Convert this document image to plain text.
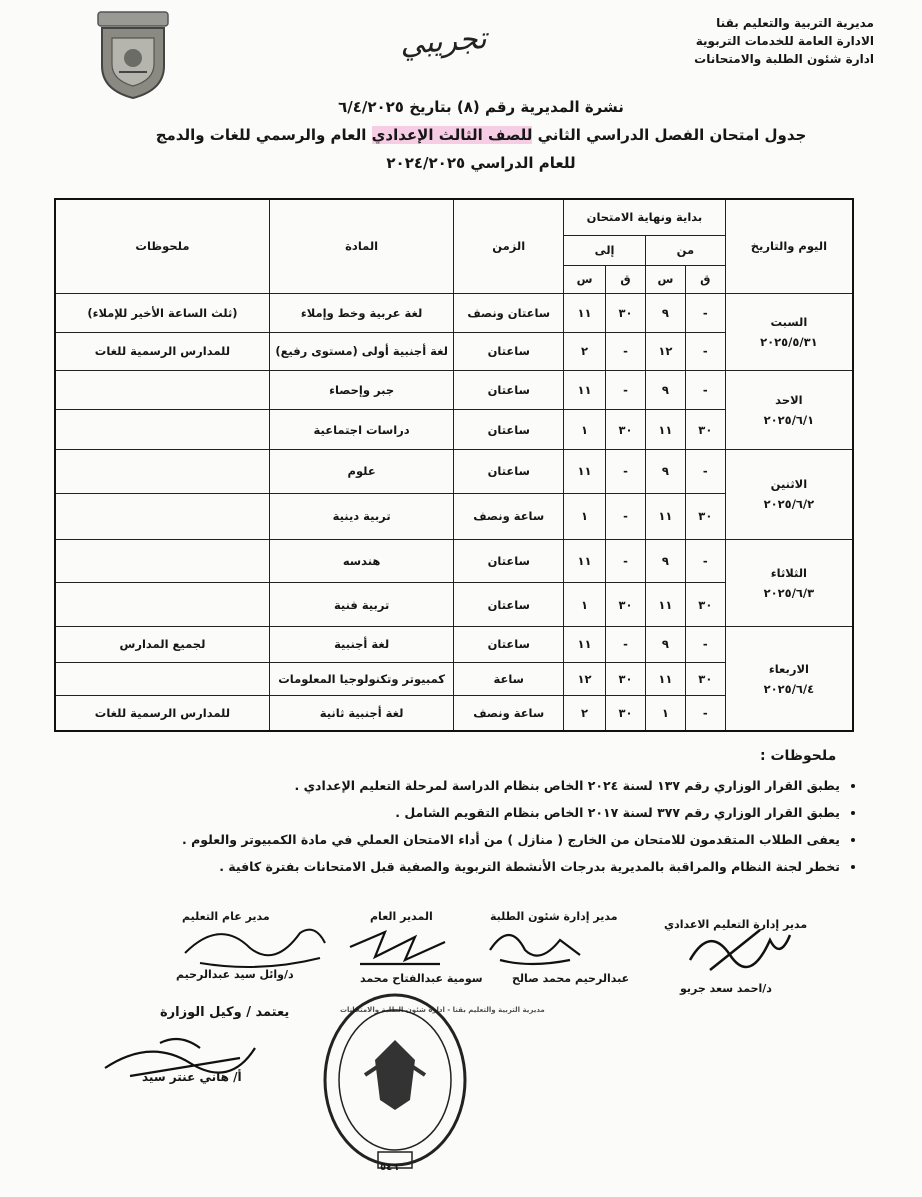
تجريبي	مديرية التربية والتعليم بقنا
الادارة العامة للخدمات التربوية
ادارة شئون الطلبة والامتحانات
نشرة المديرية رقم (٨) بتاريخ ٦/٤/٢٠٢٥
جدول امتحان الفصل الدراسي الثاني للصف الثالث الإعدادي العام والرسمي للغات والدمج
للعام الدراسي ٢٠٢٤/٢٠٢٥
اليوم والتاريخ	بداية ونهاية الامتحان				الزمن	المادة	ملحوظات
	من		إلى				
	ق	س	ق	س			

السبت
٢٠٢٥/٥/٣١	-	٩	٣٠	١١	ساعتان ونصف	لغة عربية وخط وإملاء	(ثلث الساعة الأخير للإملاء)
	-	١٢	-	٢	ساعتان	لغة أجنبية أولى (مستوى رفيع)	للمدارس الرسمية للغات

الاحد
٢٠٢٥/٦/١	-	٩	-	١١	ساعتان	جبر وإحصاء	
	٣٠	١١	٣٠	١	ساعتان	دراسات اجتماعية	

الاثنين
٢٠٢٥/٦/٢	-	٩	-	١١	ساعتان	علوم	
	٣٠	١١	-	١	ساعة ونصف	تربية دينية	

الثلاثاء
٢٠٢٥/٦/٣	-	٩	-	١١	ساعتان	هندسه	
	٣٠	١١	٣٠	١	ساعتان	تربية فنية	

الاربعاء
٢٠٢٥/٦/٤	-	٩	-	١١	ساعتان	لغة أجنبية	لجميع المدارس
	٣٠	١١	٣٠	١٢	ساعة	كمبيوتر وتكنولوجيا المعلومات	
	-	١	٣٠	٢	ساعة ونصف	لغة أجنبية ثانية	للمدارس الرسمية للغات
ملحوظات :
• يطبق القرار الوزاري رقم ١٣٧ لسنة ٢٠٢٤ الخاص بنظام الدراسة لمرحلة التعليم الإعدادي .
• يطبق القرار الوزاري رقم ٣٧٧ لسنة ٢٠١٧ الخاص بنظام التقويم الشامل .
• يعفى الطلاب المتقدمون للامتحان من الخارج ( منازل ) من أداء الامتحان العملي في مادة الكمبيوتر والعلوم .
• تخطر لجنة النظام والمراقبة بالمديرية بدرجات الأنشطة التربوية والصفية قبل الامتحانات بفترة كافية .
مدير إدارة التعليم الاعدادي
مدير إدارة شئون الطلبة
المدير العام
مدير عام التعليم
د/احمد سعد جريو
عبدالرحيم محمد صالح
سومية عبدالفتاح محمد
د/وائل سيد عبدالرحيم
يعتمد / وكيل الوزارة
أ/ هاني عنتر سيد
٥٤٦
مديرية التربية والتعليم بقنا - ادارة شئون الطلبة والامتحانات
